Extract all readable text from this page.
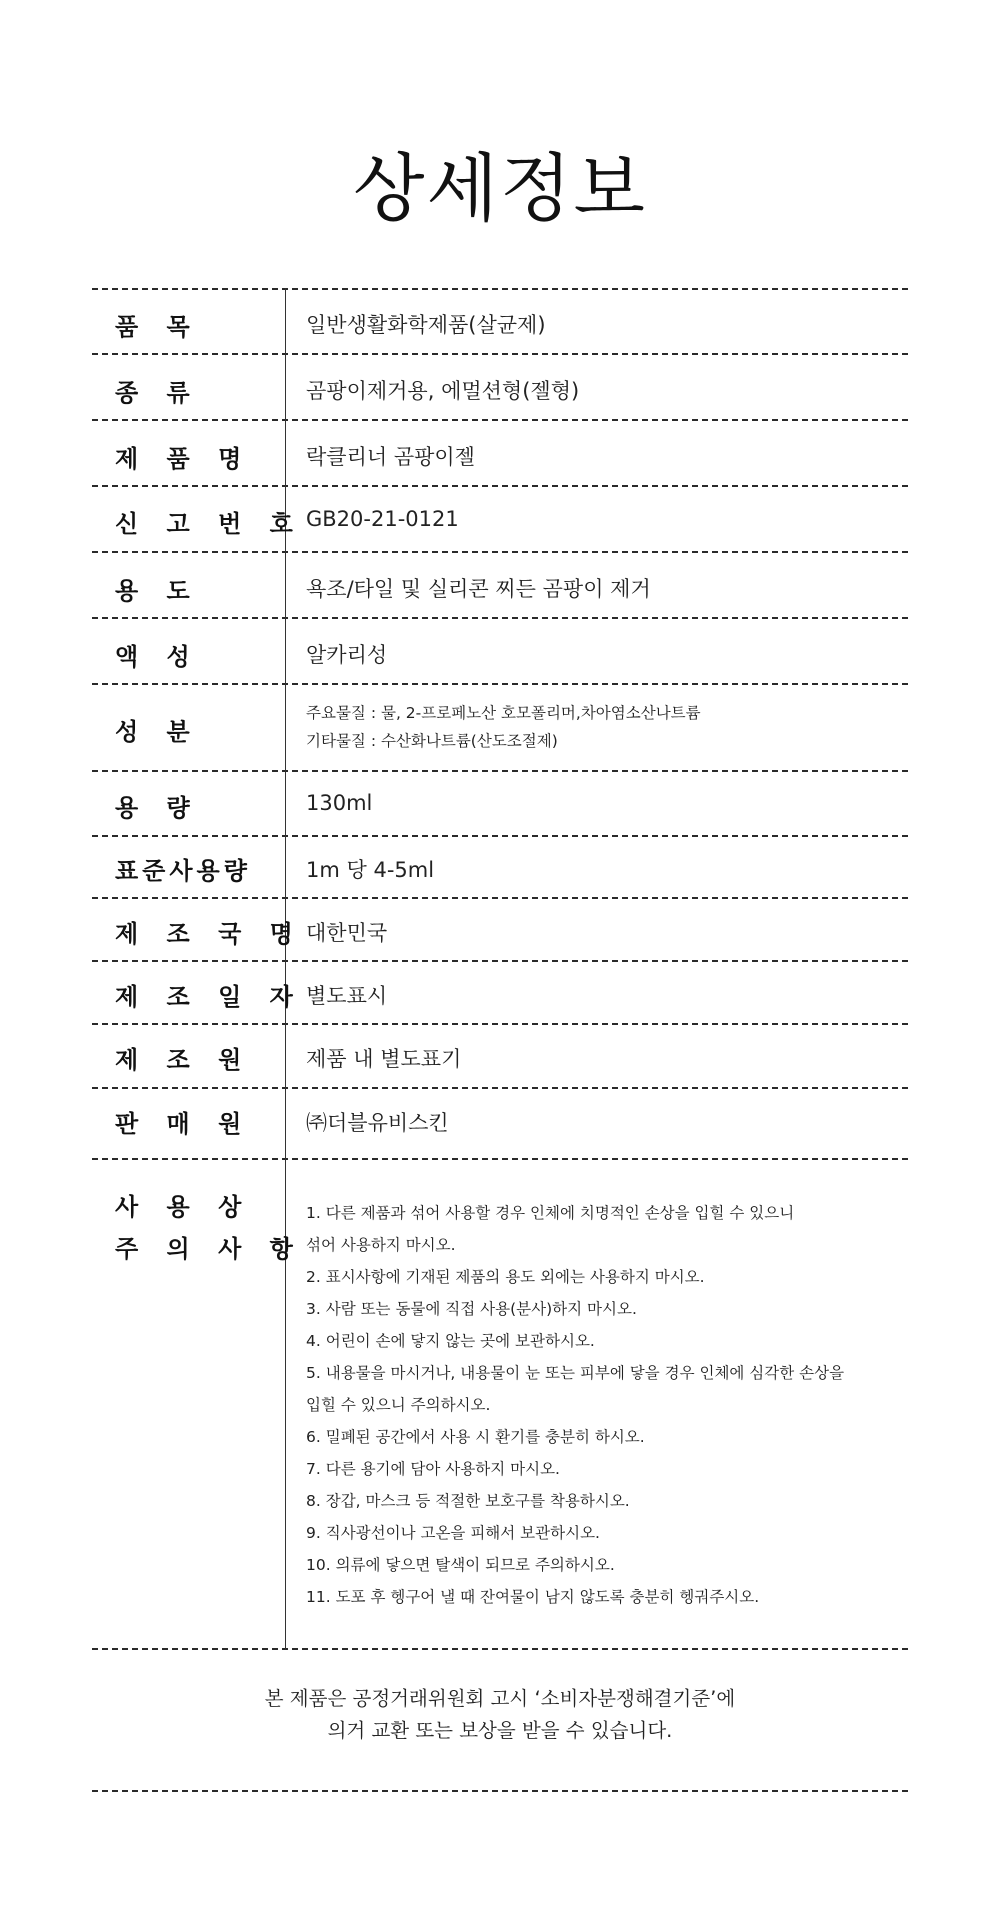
상세정보
품 목	일반생활화학제품(살균제)
종 류	곰팡이제거용, 에멀션형(젤형)
제 품 명	락클리너 곰팡이젤
신 고 번 호 GB20-21-0121
용 도	욕조/타일 및 실리콘 찌든 곰팡이 제거
액 성	알카리성
성 분
주요물질 : 물, 2-프로페노산 호모폴리머,차아염소산나트륨
기타물질 : 수산화나트륨(산도조절제)
용 량	130ml
표준사용량	1m 당 4-5ml
제 조 국 명 대한민국
제 조 일 자 별도표시
제 조 원	제품 내 별도표기
판 매 원	㈜더블유비스킨
사 용 상
주 의 사 항
1. 다른 제품과 섞어 사용할 경우 인체에 치명적인 손상을 입힐 수 있으니
섞어 사용하지 마시오.
2. 표시사항에 기재된 제품의 용도 외에는 사용하지 마시오.
3. 사람 또는 동물에 직접 사용(분사)하지 마시오.
4. 어린이 손에 닿지 않는 곳에 보관하시오.
5. 내용물을 마시거나, 내용물이 눈 또는 피부에 닿을 경우 인체에 심각한 손상을
입힐 수 있으니 주의하시오.
6. 밀폐된 공간에서 사용 시 환기를 충분히 하시오.
7. 다른 용기에 담아 사용하지 마시오.
8. 장갑, 마스크 등 적절한 보호구를 착용하시오.
9. 직사광선이나 고온을 피해서 보관하시오.
10. 의류에 닿으면 탈색이 되므로 주의하시오.
11. 도포 후 헹구어 낼 때 잔여물이 남지 않도록 충분히 헹궈주시오.
본 제품은 공정거래위원회 고시 ‘소비자분쟁해결기준’에
의거 교환 또는 보상을 받을 수 있습니다.
